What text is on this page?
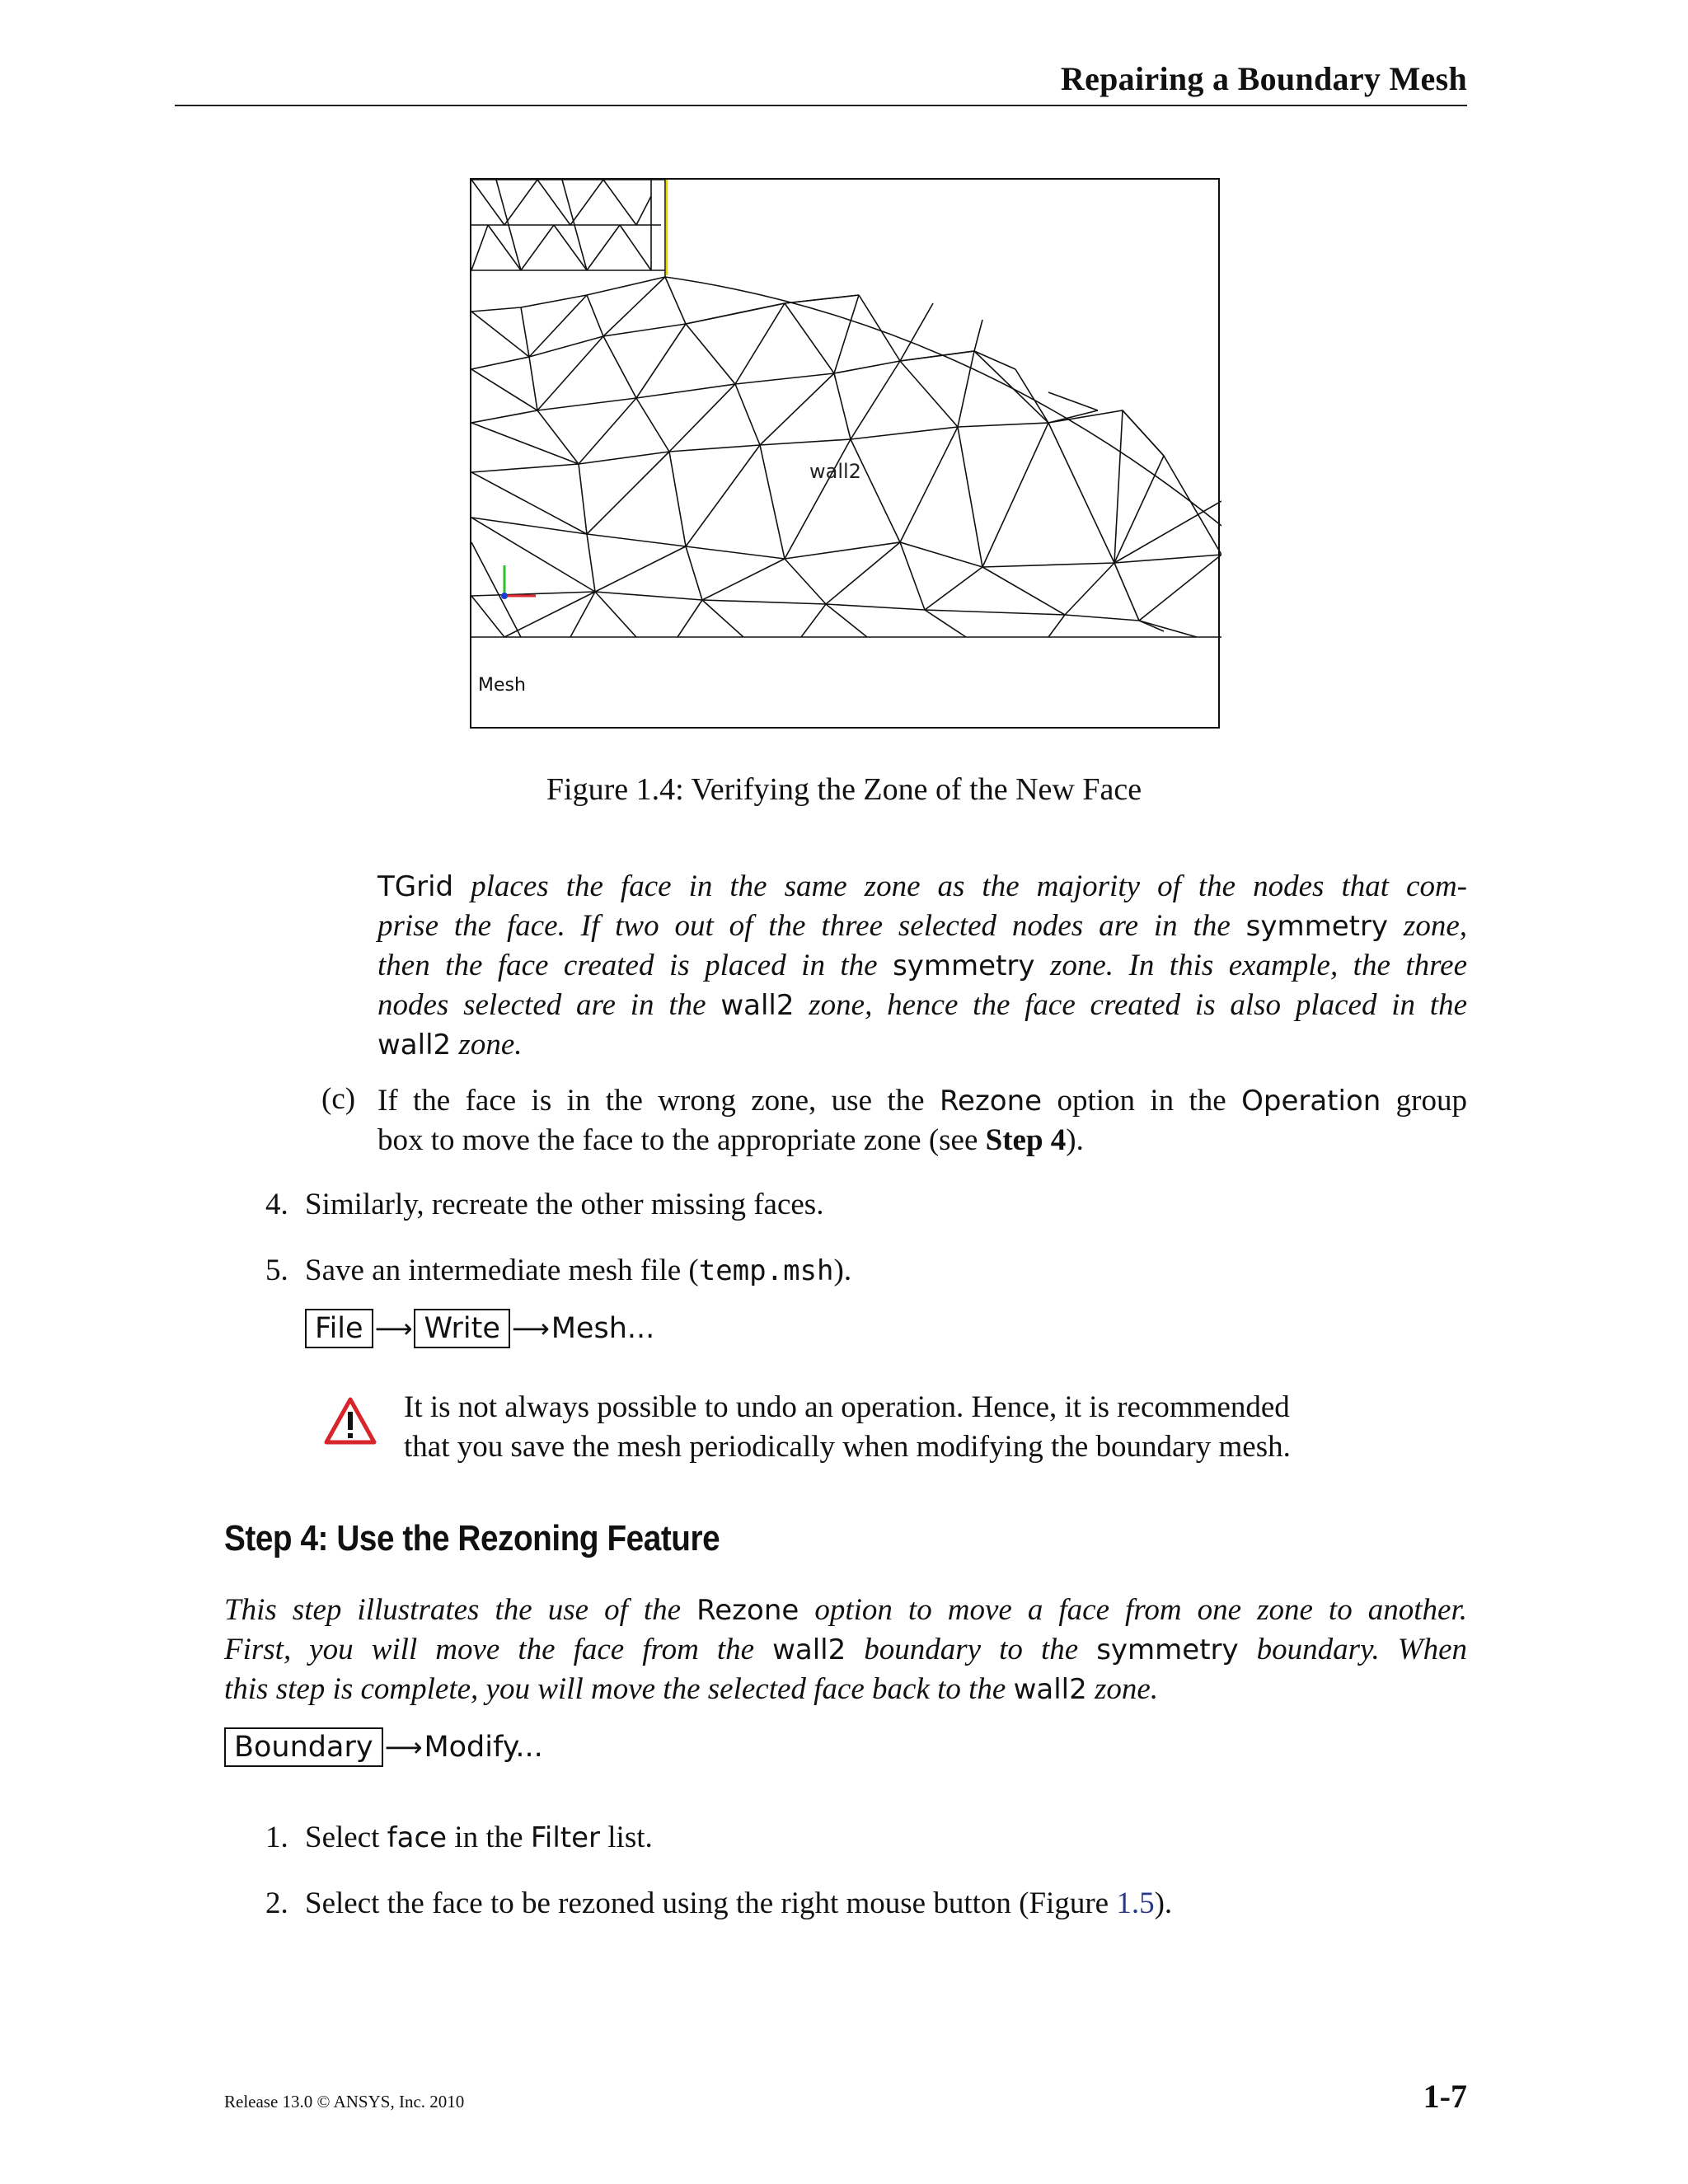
Repairing a Boundary Mesh
wall2
Mesh
Figure 1.4: Verifying the Zone of the New Face
TGrid places the face in the same zone as the majority of the nodes that com-
prise the face. If two out of the three selected nodes are in the symmetry zone,
then the face created is placed in the symmetry zone. In this example, the three
nodes selected are in the wall2 zone, hence the face created is also placed in the
wall2 zone.
(c) If the face is in the wrong zone, use the Rezone option in the Operation group
box to move the face to the appropriate zone (see Step 4).
4. Similarly, recreate the other missing faces.
5. Save an intermediate mesh file (temp.msh).
File ⟶ Write ⟶Mesh...
It is not always possible to undo an operation. Hence, it is recommended
that you save the mesh periodically when modifying the boundary mesh.
Step 4: Use the Rezoning Feature
This step illustrates the use of the Rezone option to move a face from one zone to another.
First, you will move the face from the wall2 boundary to the symmetry boundary. When
this step is complete, you will move the selected face back to the wall2 zone.
Boundary ⟶Modify...
1. Select face in the Filter list.
2. Select the face to be rezoned using the right mouse button (Figure 1.5).
Release 13.0 © ANSYS, Inc. 2010	1-7
